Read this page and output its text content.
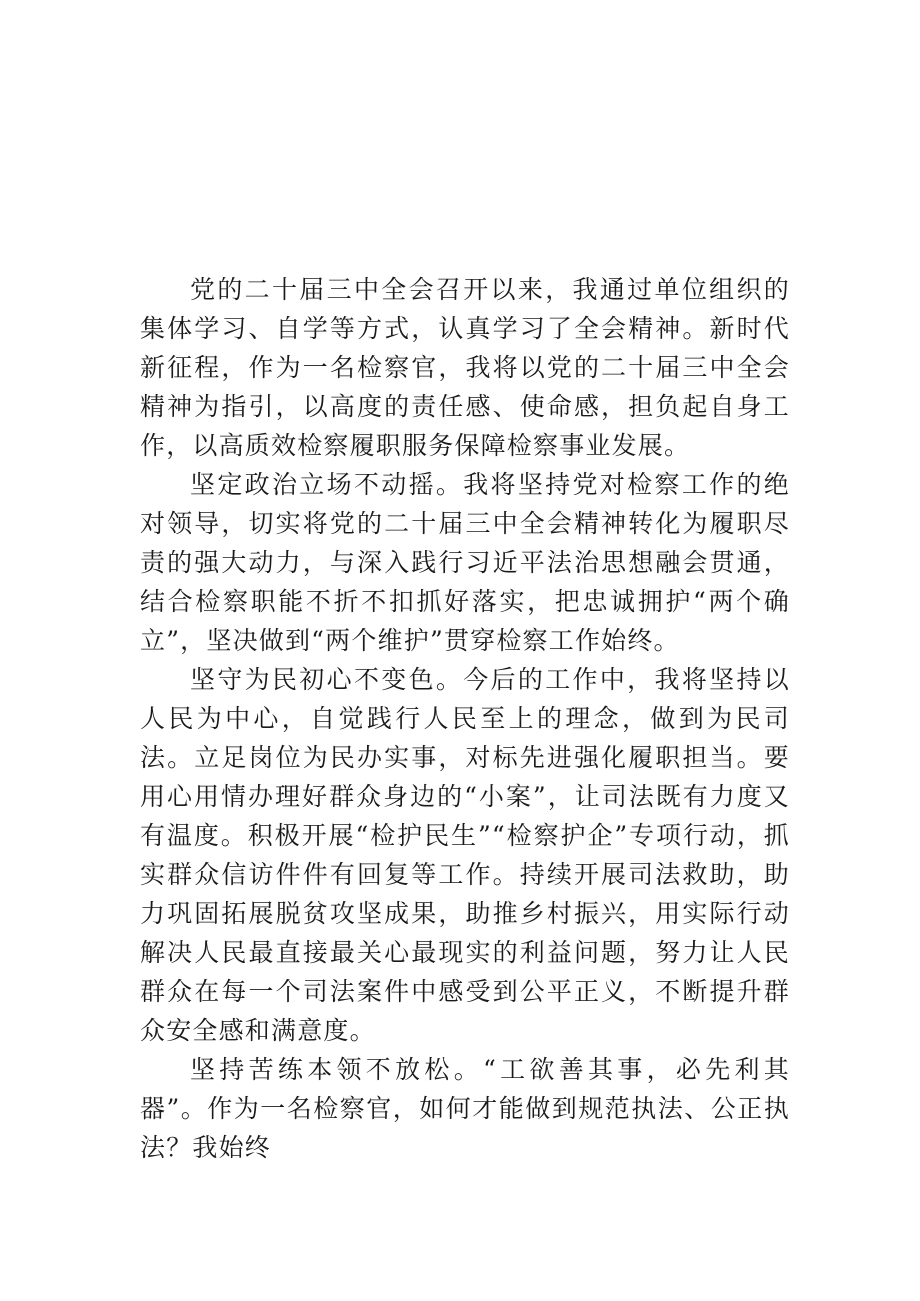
党的二十届三中全会召开以来，我通过单位组织的集体学习、自学等方式，认真学习了全会精神。新时代新征程，作为一名检察官，我将以党的二十届三中全会精神为指引，以高度的责任感、使命感，担负起自身工作，以高质效检察履职服务保障检察事业发展。

坚定政治立场不动摇。我将坚持党对检察工作的绝对领导，切实将党的二十届三中全会精神转化为履职尽责的强大动力，与深入践行习近平法治思想融会贯通，结合检察职能不折不扣抓好落实，把忠诚拥护“两个确立”，坚决做到“两个维护”贯穿检察工作始终。

坚守为民初心不变色。今后的工作中，我将坚持以人民为中心，自觉践行人民至上的理念，做到为民司法。立足岗位为民办实事，对标先进强化履职担当。要用心用情办理好群众身边的“小案”，让司法既有力度又有温度。积极开展“检护民生”“检察护企”专项行动，抓实群众信访件件有回复等工作。持续开展司法救助，助力巩固拓展脱贫攻坚成果，助推乡村振兴，用实际行动解决人民最直接最关心最现实的利益问题，努力让人民群众在每一个司法案件中感受到公平正义，不断提升群众安全感和满意度。

坚持苦练本领不放松。“工欲善其事，必先利其器”。作为一名检察官，如何才能做到规范执法、公正执法？我始终
